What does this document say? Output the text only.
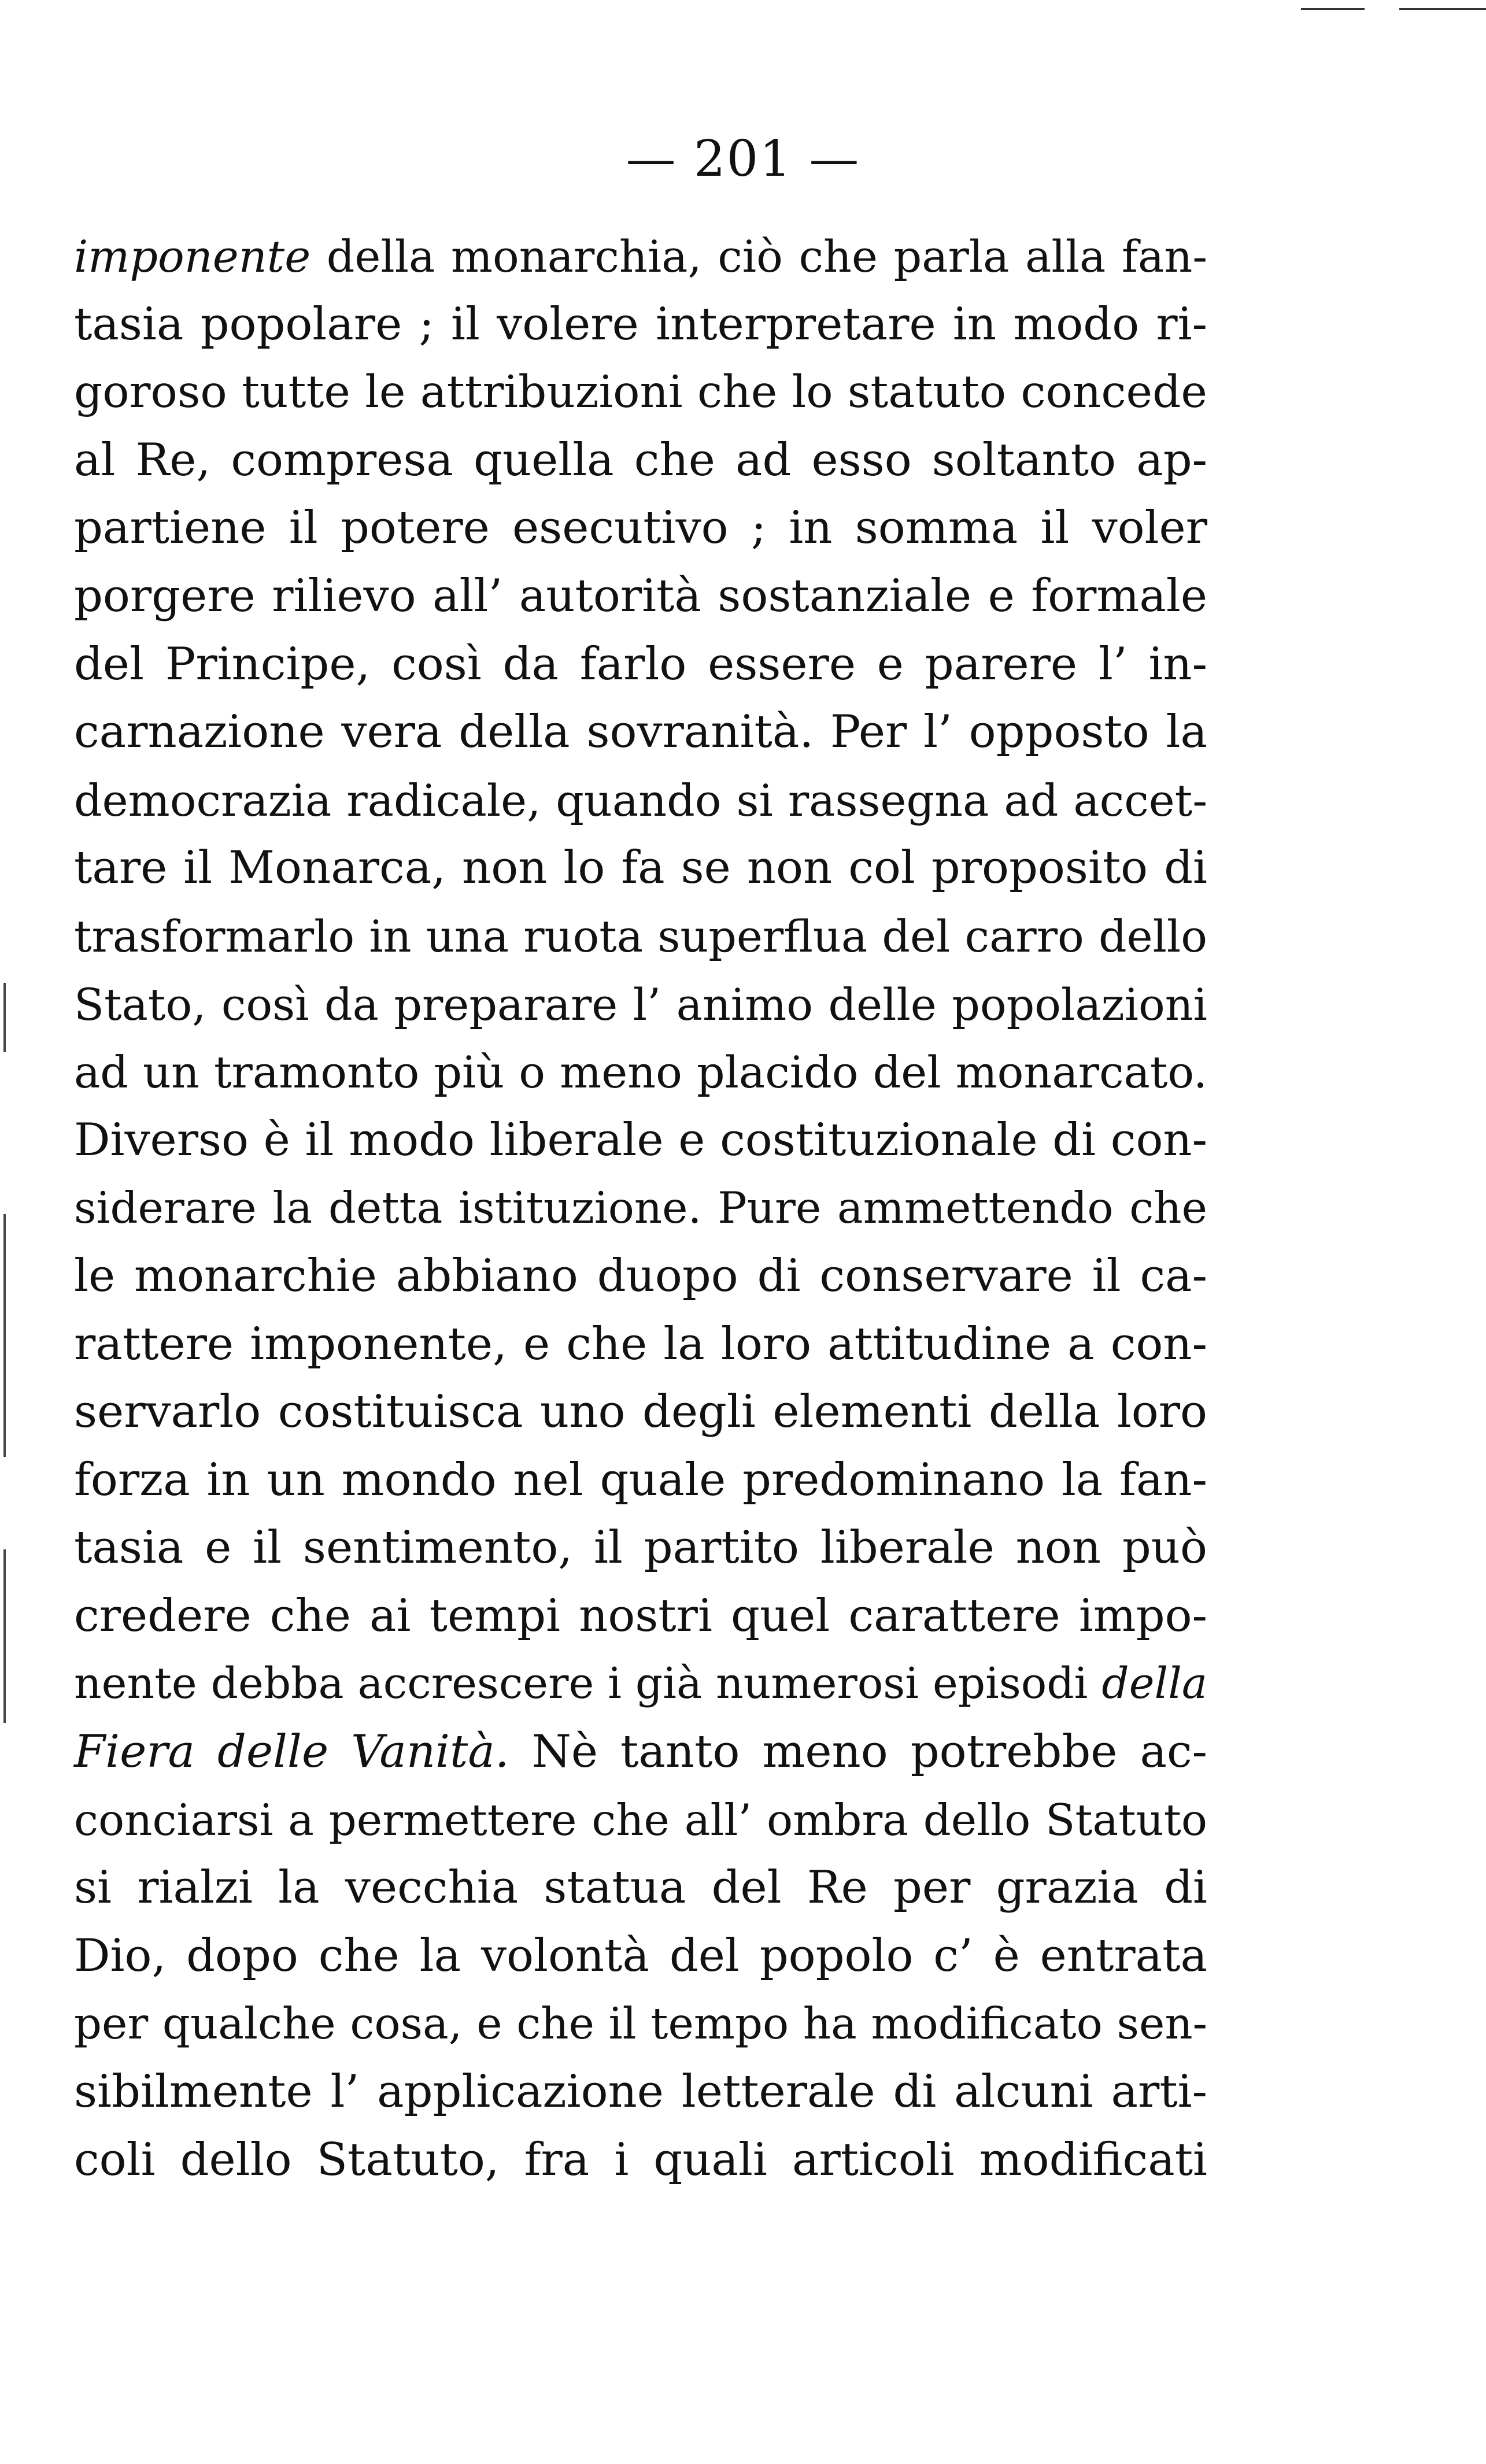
— 201 —
imponente della monarchia, ciò che parla alla fan-
tasia popolare ; il volere interpretare in modo ri-
goroso tutte le attribuzioni che lo statuto concede
al Re, compresa quella che ad esso soltanto ap-
partiene il potere esecutivo ; in somma il voler
porgere rilievo all’ autorità sostanziale e formale
del Principe, così da farlo essere e parere l’ in-
carnazione vera della sovranità. Per l’ opposto la
democrazia radicale, quando si rassegna ad accet-
tare il Monarca, non lo fa se non col proposito di
trasformarlo in una ruota superflua del carro dello
Stato, così da preparare l’ animo delle popolazioni
ad un tramonto più o meno placido del monarcato.
Diverso è il modo liberale e costituzionale di con-
siderare la detta istituzione. Pure ammettendo che
le monarchie abbiano duopo di conservare il ca-
rattere imponente, e che la loro attitudine a con-
servarlo costituisca uno degli elementi della loro
forza in un mondo nel quale predominano la fan-
tasia e il sentimento, il partito liberale non può
credere che ai tempi nostri quel carattere impo-
nente debba accrescere i già numerosi episodi della
Fiera delle Vanità. Nè tanto meno potrebbe ac-
conciarsi a permettere che all’ ombra dello Statuto
si rialzi la vecchia statua del Re per grazia di
Dio, dopo che la volontà del popolo c’ è entrata
per qualche cosa, e che il tempo ha modificato sen-
sibilmente l’ applicazione letterale di alcuni arti-
coli dello Statuto, fra i quali articoli modificati
